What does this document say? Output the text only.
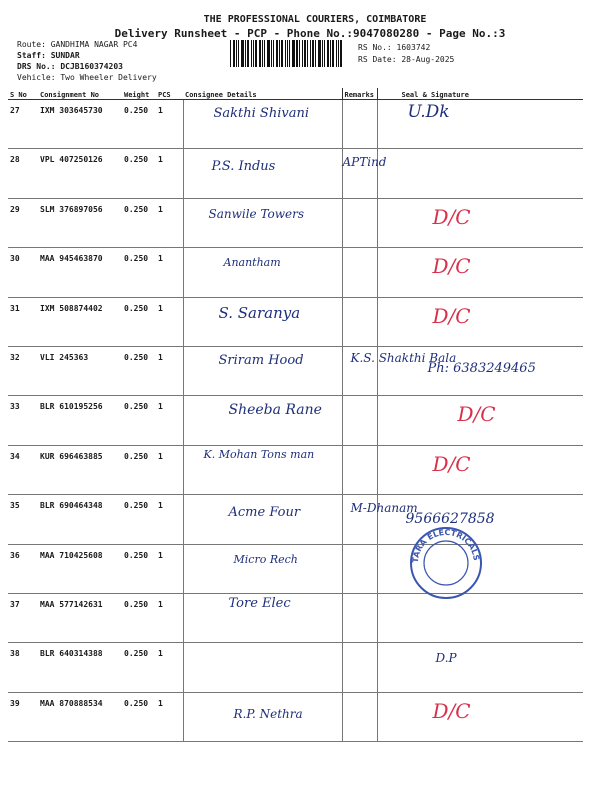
THE PROFESSIONAL COURIERS, COIMBATORE
Delivery Runsheet - PCP - Phone No.:9047080280 - Page No.:3
Route: GANDHIMA NAGAR PC4
Staff: SUNDAR
DRS No.: DCJB160374203
Vehicle: Two Wheeler Delivery
RS No.: 1603742
RS Date: 28-Aug-2025
S No	Consignment No	Weight	PCS	Consignee Details	Remarks	Seal & Signature
27	IXM 303645730	0.250	1	Sakthi Shivani		U.Dk

28	VPL 407250126	0.250	1	P.S. Indus	APTind	

29	SLM 376897056	0.250	1	Sanwile Towers		D/C

30	MAA 945463870	0.250	1	Anantham		D/C

31	IXM 508874402	0.250	1	S. Saranya		D/C

32	VLI 245363	0.250	1	Sriram Hood	K.S. Shakthi Bala	Ph: 6383249465

33	BLR 610195256	0.250	1	Sheeba Rane		D/C

34	KUR 696463885	0.250	1	K. Mohan Tons man		D/C

35	BLR 690464348	0.250	1	Acme Four	M-Dhanam	9566627858

36	MAA 710425608	0.250	1	Micro Rech		

37	MAA 577142631	0.250	1	Tore Elec		

38	BLR 640314388	0.250	1			D.P

39	MAA 870888534	0.250	1	R.P. Nethra		D/C
TARA ELECTRICALS
